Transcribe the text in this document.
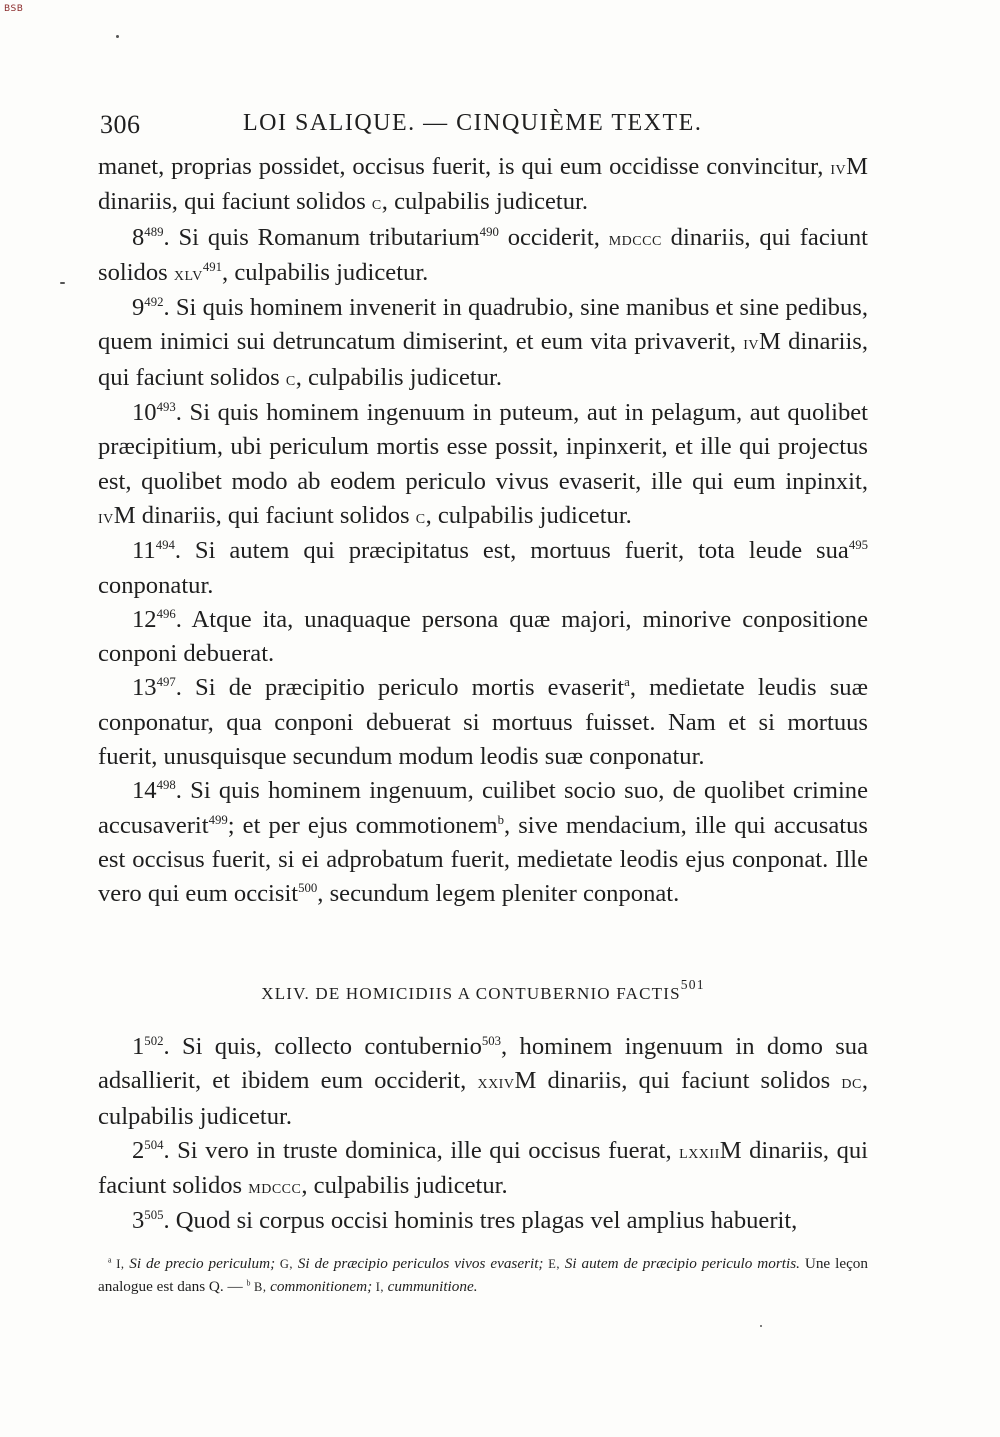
BSB
306	LOI SALIQUE. — CINQUIÈME TEXTE.

manet, proprias possidet, occisus fuerit, is qui eum occidisse convincitur, ivM dinariis, qui faciunt solidos c, culpabilis judicetur.

$8^{489}$. Si quis Romanum tributarium$^{490}$ occiderit, mdccc dinariis, qui faciunt solidos xlv$^{491}$, culpabilis judicetur.

$9^{492}$. Si quis hominem invenerit in quadrubio, sine manibus et sine pedibus, quem inimici sui detruncatum dimiserint, et eum vita privaverit, ivM dinariis, qui faciunt solidos c, culpabilis judicetur.

$10^{493}$. Si quis hominem ingenuum in puteum, aut in pelagum, aut quolibet præcipitium, ubi periculum mortis esse possit, inpinxerit, et ille qui projectus est, quolibet modo ab eodem periculo vivus evaserit, ille qui eum inpinxit, ivM dinariis, qui faciunt solidos c, culpabilis judicetur.

$11^{494}$. Si autem qui præcipitatus est, mortuus fuerit, tota leude sua$^{495}$ conponatur.

$12^{496}$. Atque ita, unaquaque persona quæ majori, minorive conpositione conponi debuerat.

$13^{497}$. Si de præcipitio periculo mortis evaserit$^a$, medietate leudis suæ conponatur, qua conponi debuerat si mortuus fuisset. Nam et si mortuus fuerit, unusquisque secundum modum leodis suæ conponatur.

$14^{498}$. Si quis hominem ingenuum, cuilibet socio suo, de quolibet crimine accusaverit$^{499}$; et per ejus commotionem$^b$, sive mendacium, ille qui accusatus est occisus fuerit, si ei adprobatum fuerit, medietate leodis ejus conponat. Ille vero qui eum occisit$^{500}$, secundum legem pleniter conponat.

XLIV. DE HOMICIDIIS A CONTUBERNIO FACTIS$^{501}$

$1^{502}$. Si quis, collecto contubernio$^{503}$, hominem ingenuum in domo sua adsallierit, et ibidem eum occiderit, xxivM dinariis, qui faciunt solidos dc, culpabilis judicetur.

$2^{504}$. Si vero in truste dominica, ille qui occisus fuerat, lxxiiM dinariis, qui faciunt solidos mdccc, culpabilis judicetur.

$3^{505}$. Quod si corpus occisi hominis tres plagas vel amplius habuerit,

$^a$ I, Si de precio periculum; G, Si de præcipio periculos vivos evaserit; E, Si autem de præcipio periculo mortis. Une leçon analogue est dans Q. — $^b$ B, commonitionem; I, cummunitione.
